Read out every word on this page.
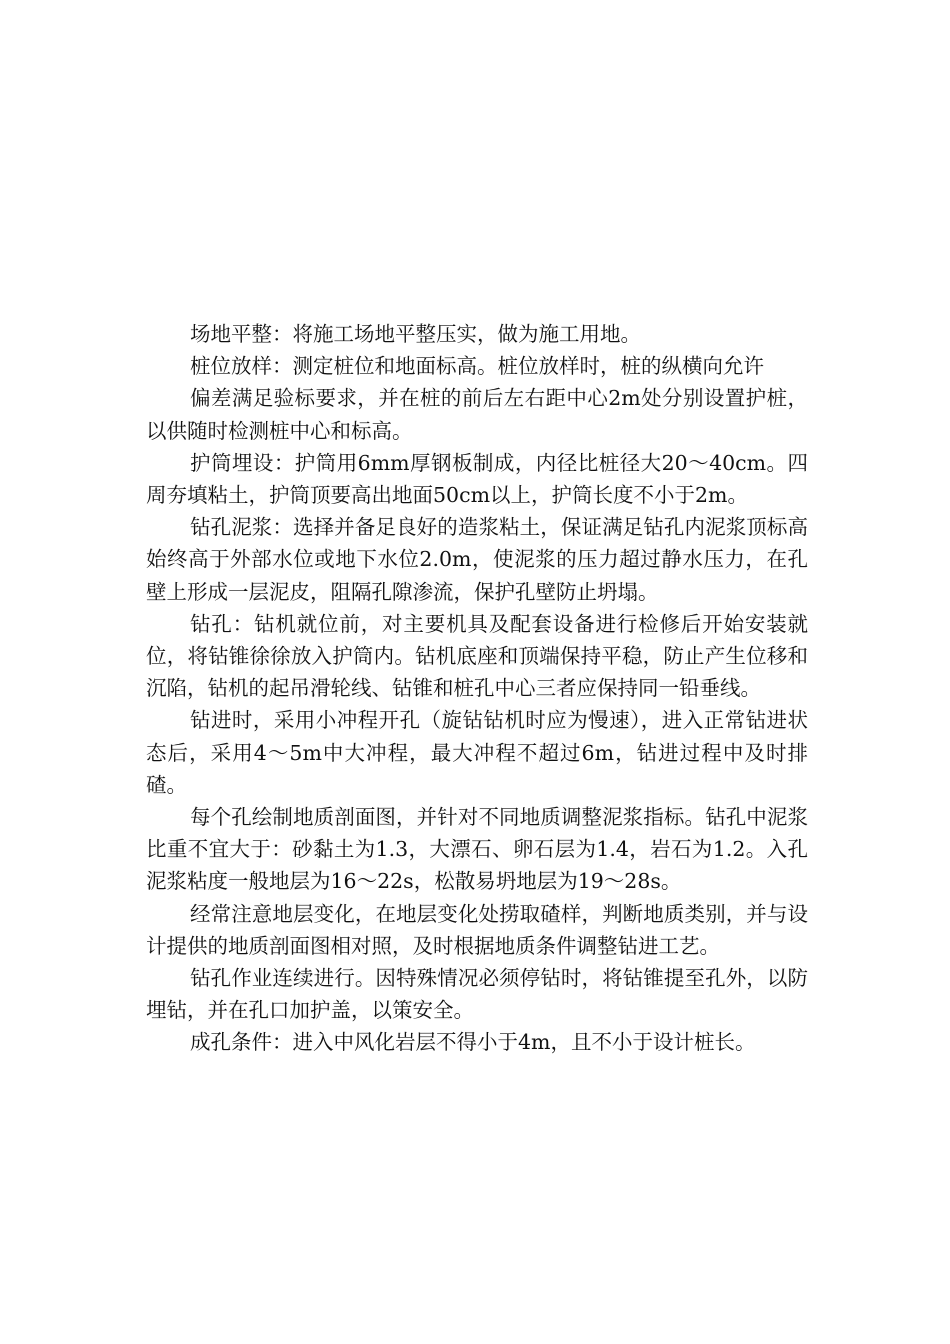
场地平整：将施工场地平整压实，做为施工用地。

桩位放样：测定桩位和地面标高。桩位放样时，桩的纵横向允许

偏差满足验标要求，并在桩的前后左右距中心2m处分别设置护桩，以供随时检测桩中心和标高。

护筒埋设：护筒用6mm厚钢板制成，内径比桩径大20～40cm。四周夯填粘土，护筒顶要高出地面50cm以上，护筒长度不小于2m。

钻孔泥浆：选择并备足良好的造浆粘土，保证满足钻孔内泥浆顶标高始终高于外部水位或地下水位2.0m，使泥浆的压力超过静水压力，在孔壁上形成一层泥皮，阻隔孔隙渗流，保护孔壁防止坍塌。

钻孔：钻机就位前，对主要机具及配套设备进行检修后开始安装就位，将钻锥徐徐放入护筒内。钻机底座和顶端保持平稳，防止产生位移和沉陷，钻机的起吊滑轮线、钻锥和桩孔中心三者应保持同一铅垂线。

钻进时，采用小冲程开孔（旋钻钻机时应为慢速），进入正常钻进状态后，采用4～5m中大冲程，最大冲程不超过6m，钻进过程中及时排碴。

每个孔绘制地质剖面图，并针对不同地质调整泥浆指标。钻孔中泥浆比重不宜大于：砂黏土为1.3，大漂石、卵石层为1.4，岩石为1.2。入孔泥浆粘度一般地层为16～22s，松散易坍地层为19～28s。

经常注意地层变化，在地层变化处捞取碴样，判断地质类别，并与设计提供的地质剖面图相对照，及时根据地质条件调整钻进工艺。

钻孔作业连续进行。因特殊情况必须停钻时，将钻锥提至孔外，以防埋钻，并在孔口加护盖，以策安全。

成孔条件：进入中风化岩层不得小于4m，且不小于设计桩长。
